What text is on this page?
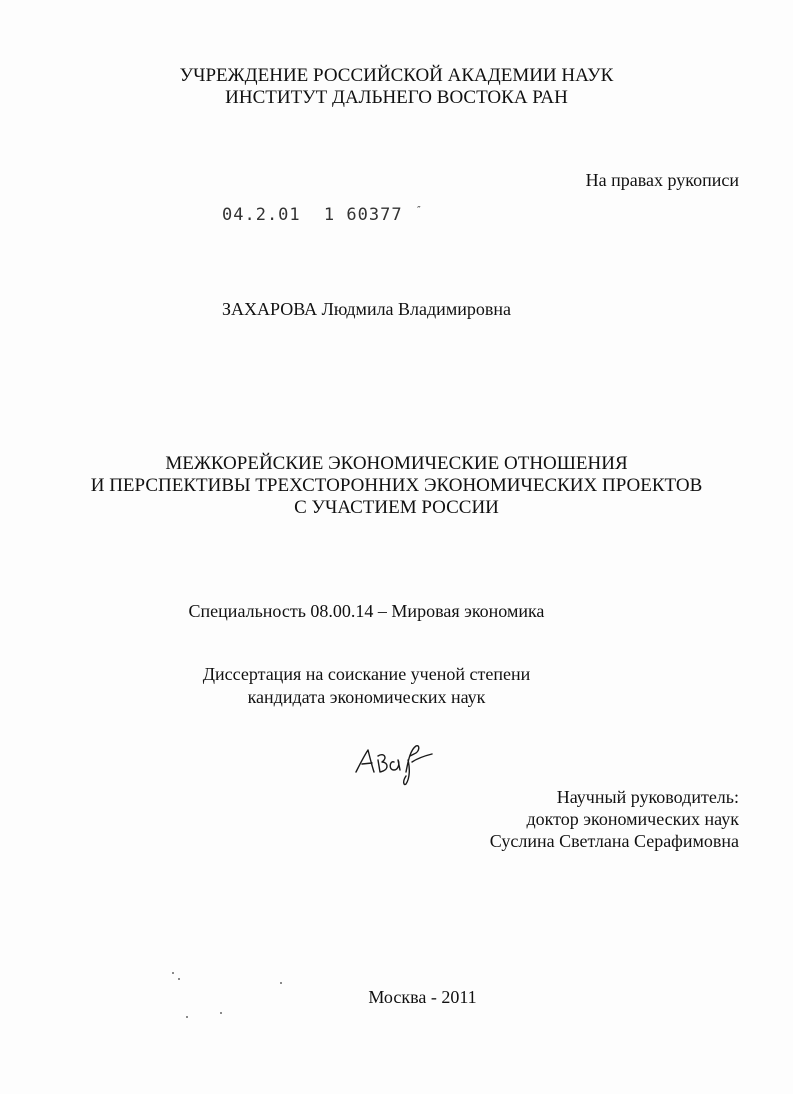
УЧРЕЖДЕНИЕ РОССИЙСКОЙ АКАДЕМИИ НАУК
ИНСТИТУТ ДАЛЬНЕГО ВОСТОКА РАН
На правах рукописи
04.2.01 1 60377 ″
ЗАХАРОВА Людмила Владимировна
МЕЖКОРЕЙСКИЕ ЭКОНОМИЧЕСКИЕ ОТНОШЕНИЯ
И ПЕРСПЕКТИВЫ ТРЕХСТОРОННИХ ЭКОНОМИЧЕСКИХ ПРОЕКТОВ
С УЧАСТИЕМ РОССИИ
Специальность 08.00.14 – Мировая экономика
Диссертация на соискание ученой степени
кандидата экономических наук
Научный руководитель:
доктор экономических наук
Суслина Светлана Серафимовна
Москва - 2011
